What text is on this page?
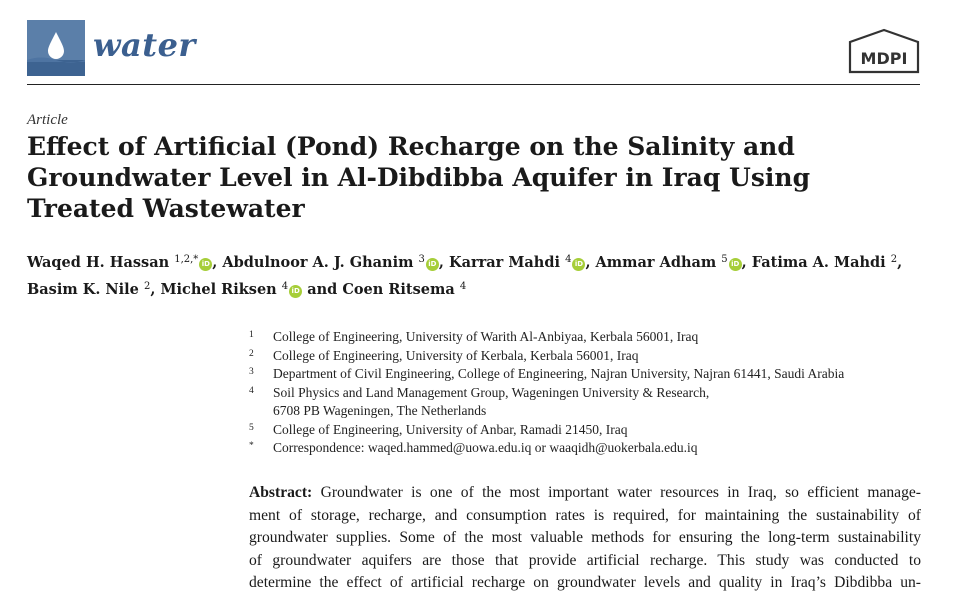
water	MDPI
Article
Effect of Artificial (Pond) Recharge on the Salinity and
Groundwater Level in Al-Dibdibba Aquifer in Iraq Using
Treated Wastewater
Waqed H. Hassan $^{1,2,*}$ iD , Abdulnoor A. J. Ghanim $^3$ iD , Karrar Mahdi $^4$ iD , Ammar Adham $^5$ iD , Fatima A. Mahdi $^2$,
Basim K. Nile $^2$, Michel Riksen $^4$ iD and Coen Ritsema $^4$
1 College of Engineering, University of Warith Al-Anbiyaa, Kerbala 56001, Iraq
2 College of Engineering, University of Kerbala, Kerbala 56001, Iraq
3 Department of Civil Engineering, College of Engineering, Najran University, Najran 61441, Saudi Arabia
4 Soil Physics and Land Management Group, Wageningen University & Research,
6708 PB Wageningen, The Netherlands
5 College of Engineering, University of Anbar, Ramadi 21450, Iraq
* Correspondence: waqed.hammed@uowa.edu.iq or waaqidh@uokerbala.edu.iq
Abstract: Groundwater is one of the most important water resources in Iraq, so efficient manage-
ment of storage, recharge, and consumption rates is required, for maintaining the sustainability of
groundwater supplies. Some of the most valuable methods for ensuring the long-term sustainability
of groundwater aquifers are those that provide artificial recharge. This study was conducted to
determine the effect of artificial recharge on groundwater levels and quality in Iraq’s Dibdibba un-
